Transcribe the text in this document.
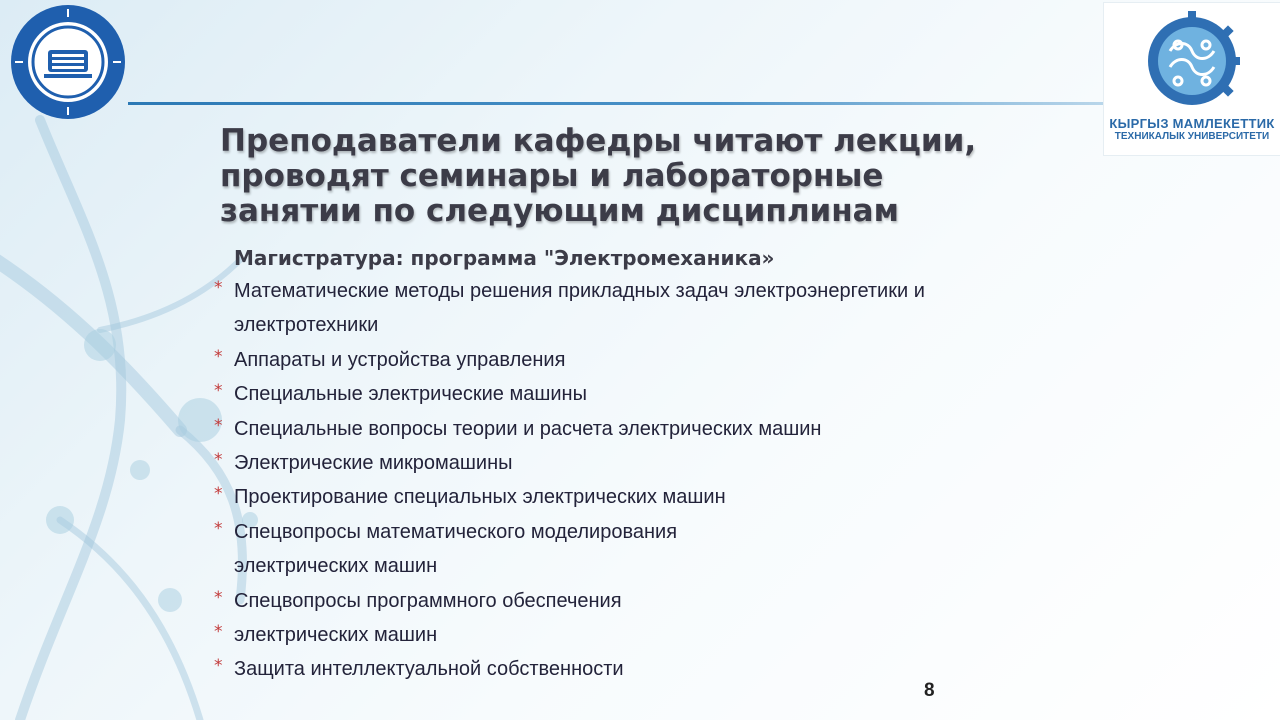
КЫРГЫЗ МАМЛЕКЕТТИК
ТЕХНИКАЛЫК УНИВЕРСИТЕТИ
Преподаватели кафедры читают лекции,
проводят семинары и лабораторные
занятии по следующим дисциплинам

Магистратура: программа "Электромеханика»

* Математические методы решения прикладных задач электроэнергетики и
электротехники
* Аппараты и устройства управления
* Специальные электрические машины
* Специальные вопросы теории и расчета электрических машин
* Электрические микромашины
* Проектирование специальных электрических машин
* Спецвопросы математического моделирования
электрических машин
* Спецвопросы программного обеспечения
* электрических машин
* Защита интеллектуальной собственности
8
